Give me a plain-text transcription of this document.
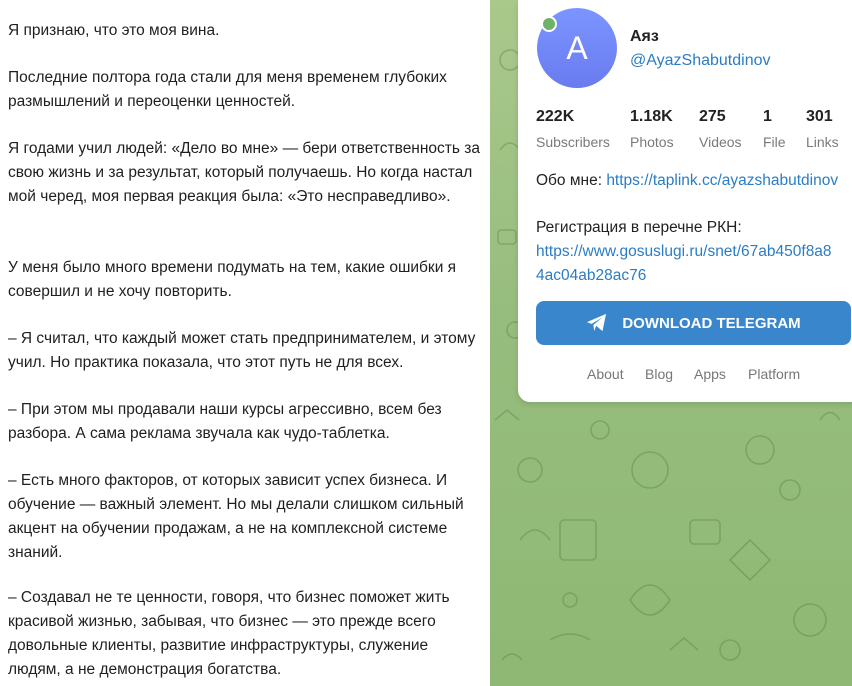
Я признаю, что это моя вина.

Последние полтора года стали для меня временем глубоких размышлений и переоценки ценностей.

Я годами учил людей: «Дело во мне» — бери ответственность за свою жизнь и за результат, который получаешь. Но когда настал мой черед, моя первая реакция была: «Это несправедливо».

У меня было много времени подумать на тем, какие ошибки я совершил и не хочу повторить.

– Я считал, что каждый может стать предпринимателем, и этому учил. Но практика показала, что этот путь не для всех.

– При этом мы продавали наши курсы агрессивно, всем без разбора. А сама реклама звучала как чудо-таблетка.

– Есть много факторов, от которых зависит успех бизнеса. И обучение — важный элемент. Но мы делали слишком сильный акцент на обучении продажам, а не на комплексной системе знаний.

– Создавал не те ценности, говоря, что бизнес поможет жить красивой жизнью, забывая, что бизнес — это прежде всего довольные клиенты, развитие инфраструктуры, служение людям, а не демонстрация богатства.

A	Аяз
@AyazShabutdinov
222K
Subscribers
1.18K
Photos
275
Videos
1
File
301
Links
Обо мне: https://taplink.cc/ayazshabutdinov
Регистрация в перечне РКН:
https://www.gosuslugi.ru/snet/67ab450f8a8
4ac04ab28ac76
DOWNLOAD TELEGRAM
About Blog Apps Platform
